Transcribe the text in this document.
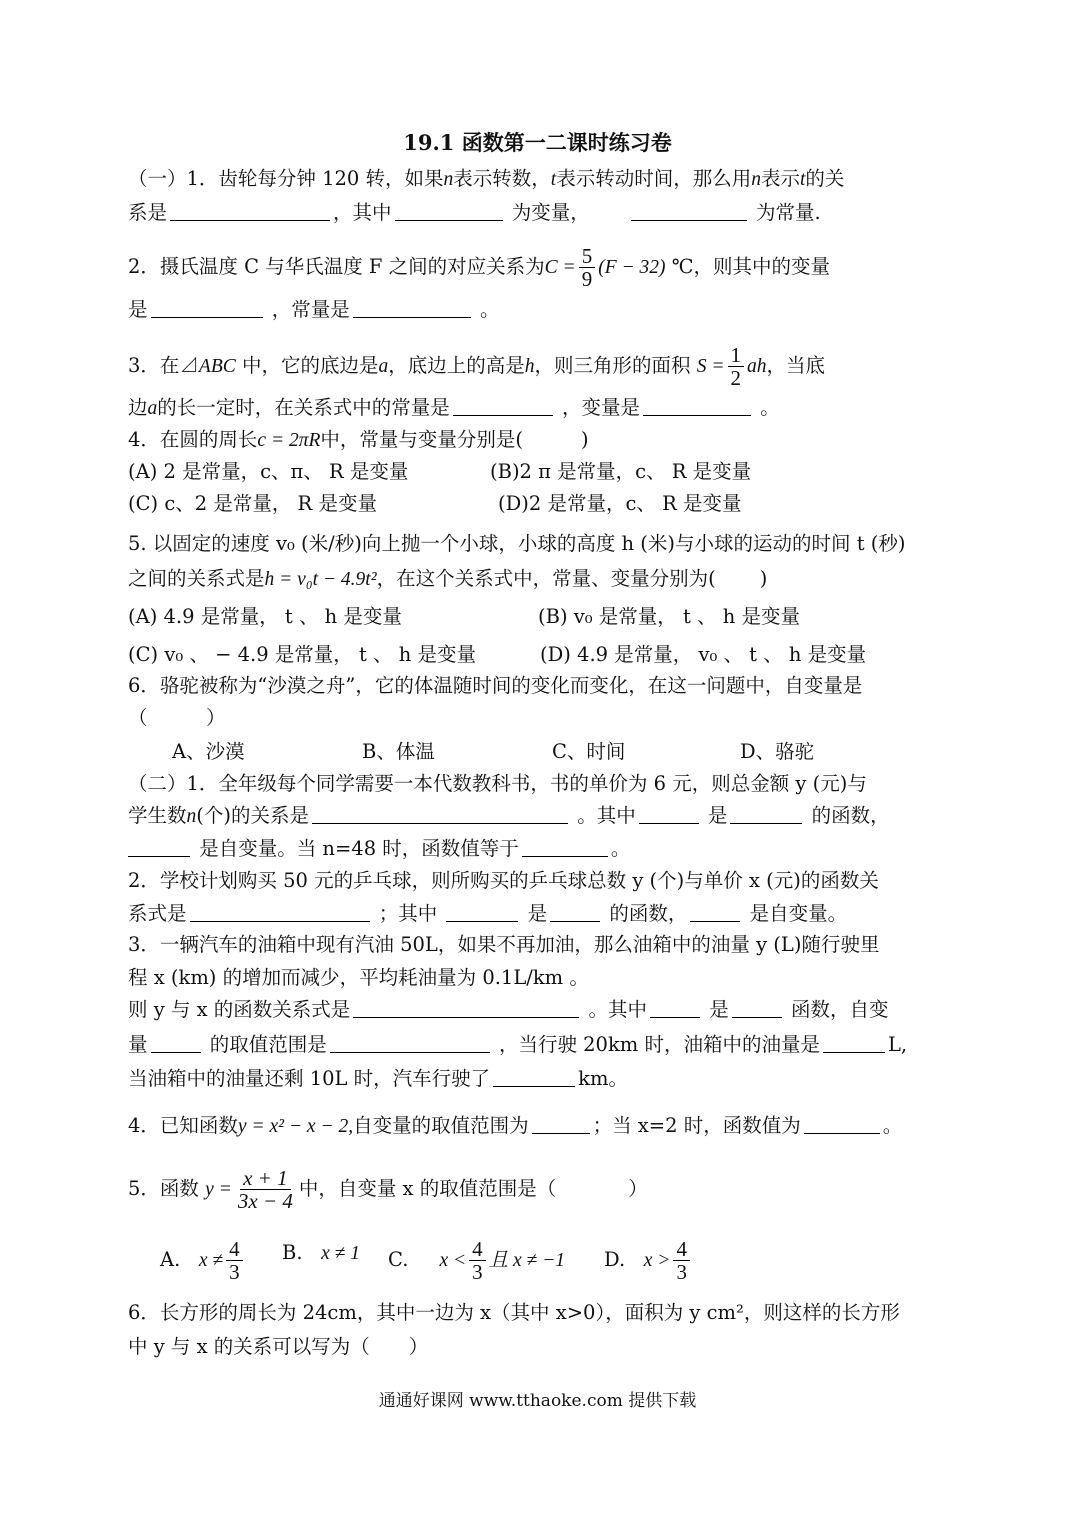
19.1 函数第一二课时练习卷
（一）1．齿轮每分钟 120 转，如果n表示转数，t表示转动时间，那么用n表示t的关
系是	，其中	为变量，	为常量.
2．摄氏温度 C 与华氏温度 F 之间的对应关系为$C = \frac{5}{9} (F - 32)$ ℃，则其中的变量
是	，常量是	。
3．在⊿ABC 中，它的底边是a，底边上的高是h，则三角形的面积 $S = \frac{1}{2}$ ah，当底
边a的长一定时，在关系式中的常量是	，变量是	。
4．在圆的周长c = 2πR中，常量与变量分别是(	)
(A) 2 是常量，c、π、 R 是变量	(B)2 π 是常量，c、 R 是变量
(C) c、2 是常量， R 是变量	(D)2 是常量，c、 R 是变量
5. 以固定的速度 v₀ (米/秒)向上抛一个小球，小球的高度 h (米)与小球的运动的时间 t (秒)
之间的关系式是h = v₀t − 4.9t²，在这个关系式中，常量、变量分别为( )
(A) 4.9 是常量， t 、 h 是变量	(B) v₀ 是常量， t 、 h 是变量
(C) v₀ 、 − 4.9 是常量， t 、 h 是变量	(D) 4.9 是常量， v₀ 、 t 、 h 是变量
6．骆驼被称为“沙漠之舟”，它的体温随时间的变化而变化，在这一问题中，自变量是
（　　　）
A、沙漠	B、体温	C、时间	D、骆驼
（二）1．全年级每个同学需要一本代数教科书，书的单价为 6 元，则总金额 y (元)与
学生数n(个)的关系是	。其中	是	的函数，
是自变量。当 n=48 时，函数值等于	。
2．学校计划购买 50 元的乒乓球，则所购买的乒乓球总数 y (个)与单价 x (元)的函数关
系式是	；其中	是	的函数，	是自变量。
3．一辆汽车的油箱中现有汽油 50L，如果不再加油，那么油箱中的油量 y (L)随行驶里
程 x (km) 的增加而减少，平均耗油量为 0.1L/km 。
则 y 与 x 的函数关系式是	。其中	是	函数，自变
量	的取值范围是	，当行驶 20km 时，油箱中的油量是	L,
当油箱中的油量还剩 10L 时，汽车行驶了	km。
4．已知函数y = x² − x − 2,自变量的取值范围为	；当 x=2 时，函数值为	。
5．函数 $y = \frac{x + 1}{3x - 4}$ 中，自变量 x 的取值范围是（	）
A. $x \ne \frac{4}{3} B$. x ≠ 1 C. $x < \frac{4}{3}$ 且 x ≠ −1 D. $x > \frac{4}{3}$
6．长方形的周长为 24cm，其中一边为 x（其中 x>0），面积为 y cm²，则这样的长方形
中 y 与 x 的关系可以写为（　　）
通通好课网 www.tthaoke.com 提供下载
